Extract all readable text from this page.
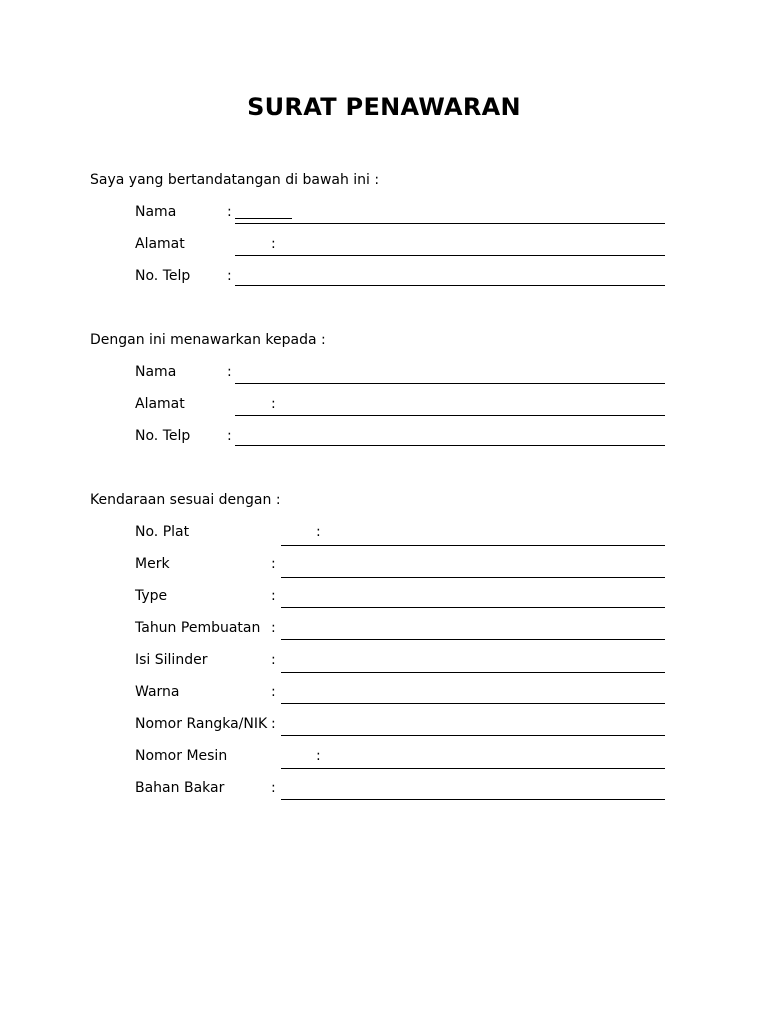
SURAT PENAWARAN
Saya yang bertandatangan di bawah ini :
Nama	:
Alamat	:
No. Telp	:
Dengan ini menawarkan kepada :
Nama	:
Alamat	:
No. Telp	:
Kendaraan sesuai dengan :
No. Plat	:
Merk	:
Type	:
Tahun Pembuatan :
Isi Silinder	:
Warna	:
Nomor Rangka/NIK :
Nomor Mesin	:
Bahan Bakar	:
